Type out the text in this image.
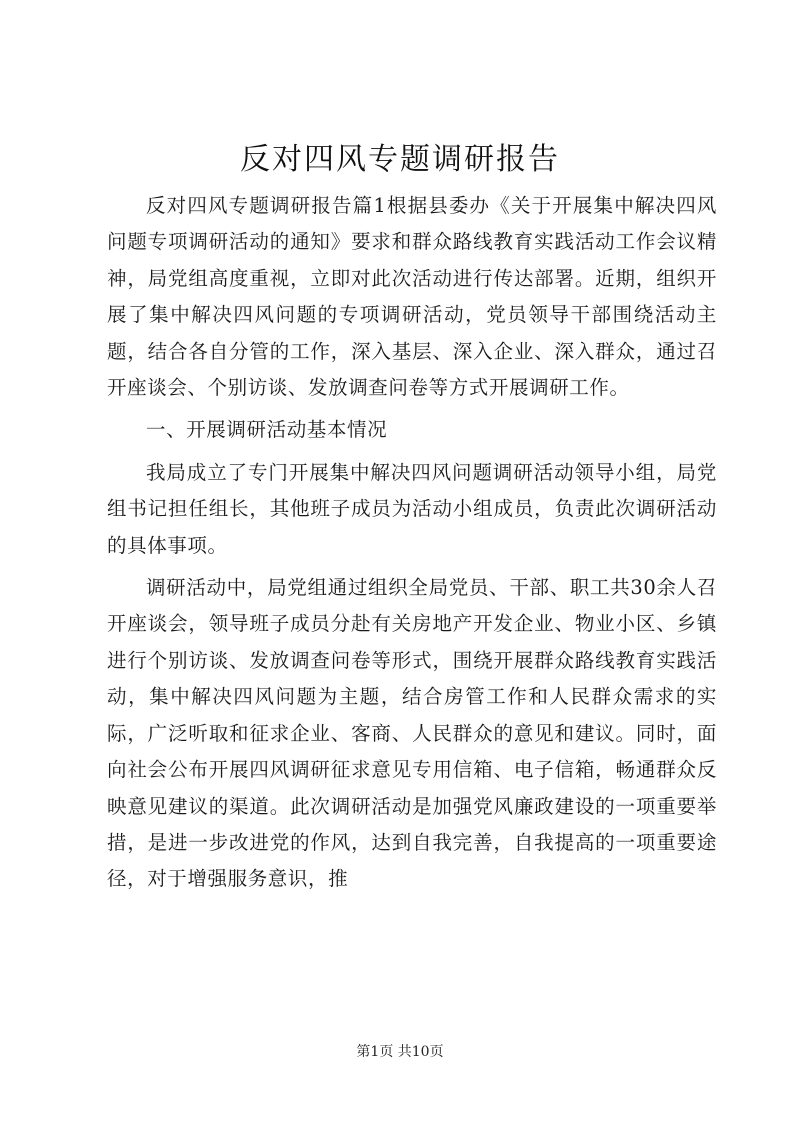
反对四风专题调研报告

反对四风专题调研报告篇1根据县委办《关于开展集中解决四风问题专项调研活动的通知》要求和群众路线教育实践活动工作会议精神，局党组高度重视，立即对此次活动进行传达部署。近期，组织开展了集中解决四风问题的专项调研活动，党员领导干部围绕活动主题，结合各自分管的工作，深入基层、深入企业、深入群众，通过召开座谈会、个别访谈、发放调查问卷等方式开展调研工作。

一、开展调研活动基本情况

我局成立了专门开展集中解决四风问题调研活动领导小组，局党组书记担任组长，其他班子成员为活动小组成员，负责此次调研活动的具体事项。

调研活动中，局党组通过组织全局党员、干部、职工共30余人召开座谈会，领导班子成员分赴有关房地产开发企业、物业小区、乡镇进行个别访谈、发放调查问卷等形式，围绕开展群众路线教育实践活动，集中解决四风问题为主题，结合房管工作和人民群众需求的实际，广泛听取和征求企业、客商、人民群众的意见和建议。同时，面向社会公布开展四风调研征求意见专用信箱、电子信箱，畅通群众反映意见建议的渠道。此次调研活动是加强党风廉政建设的一项重要举措，是进一步改进党的作风，达到自我完善，自我提高的一项重要途径，对于增强服务意识，推

第1页 共10页
